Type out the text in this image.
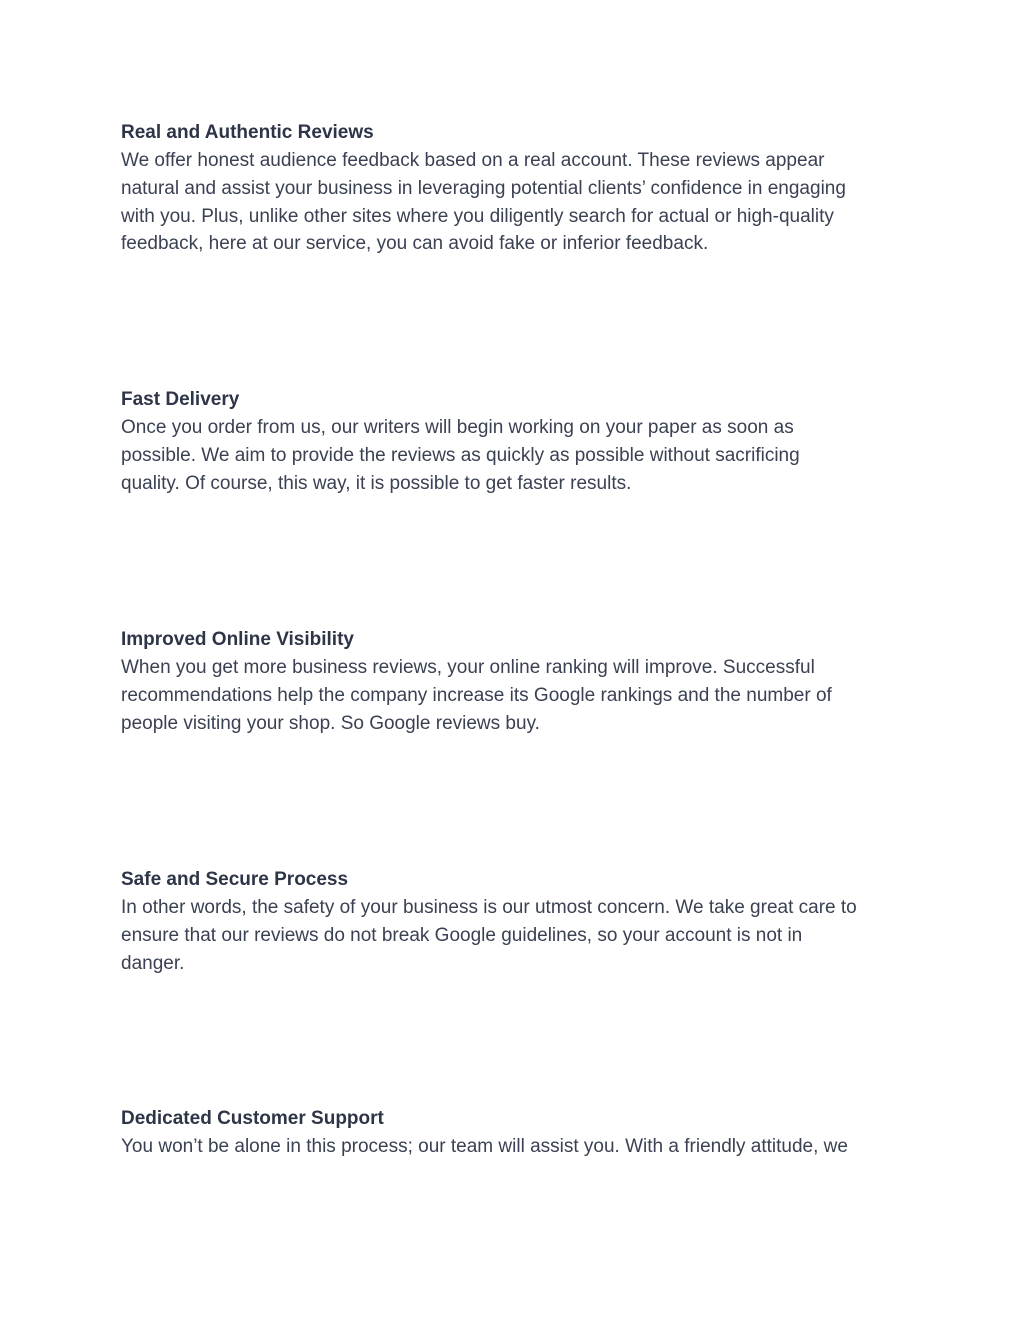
Real and Authentic Reviews

We offer honest audience feedback based on a real account. These reviews appear

natural and assist your business in leveraging potential clients’ confidence in engaging

with you. Plus, unlike other sites where you diligently search for actual or high-quality

feedback, here at our service, you can avoid fake or inferior feedback.

Fast Delivery

Once you order from us, our writers will begin working on your paper as soon as

possible. We aim to provide the reviews as quickly as possible without sacrificing

quality. Of course, this way, it is possible to get faster results.

Improved Online Visibility

When you get more business reviews, your online ranking will improve. Successful

recommendations help the company increase its Google rankings and the number of

people visiting your shop. So Google reviews buy.

Safe and Secure Process

In other words, the safety of your business is our utmost concern. We take great care to

ensure that our reviews do not break Google guidelines, so your account is not in

danger.

Dedicated Customer Support

You won’t be alone in this process; our team will assist you. With a friendly attitude, we
